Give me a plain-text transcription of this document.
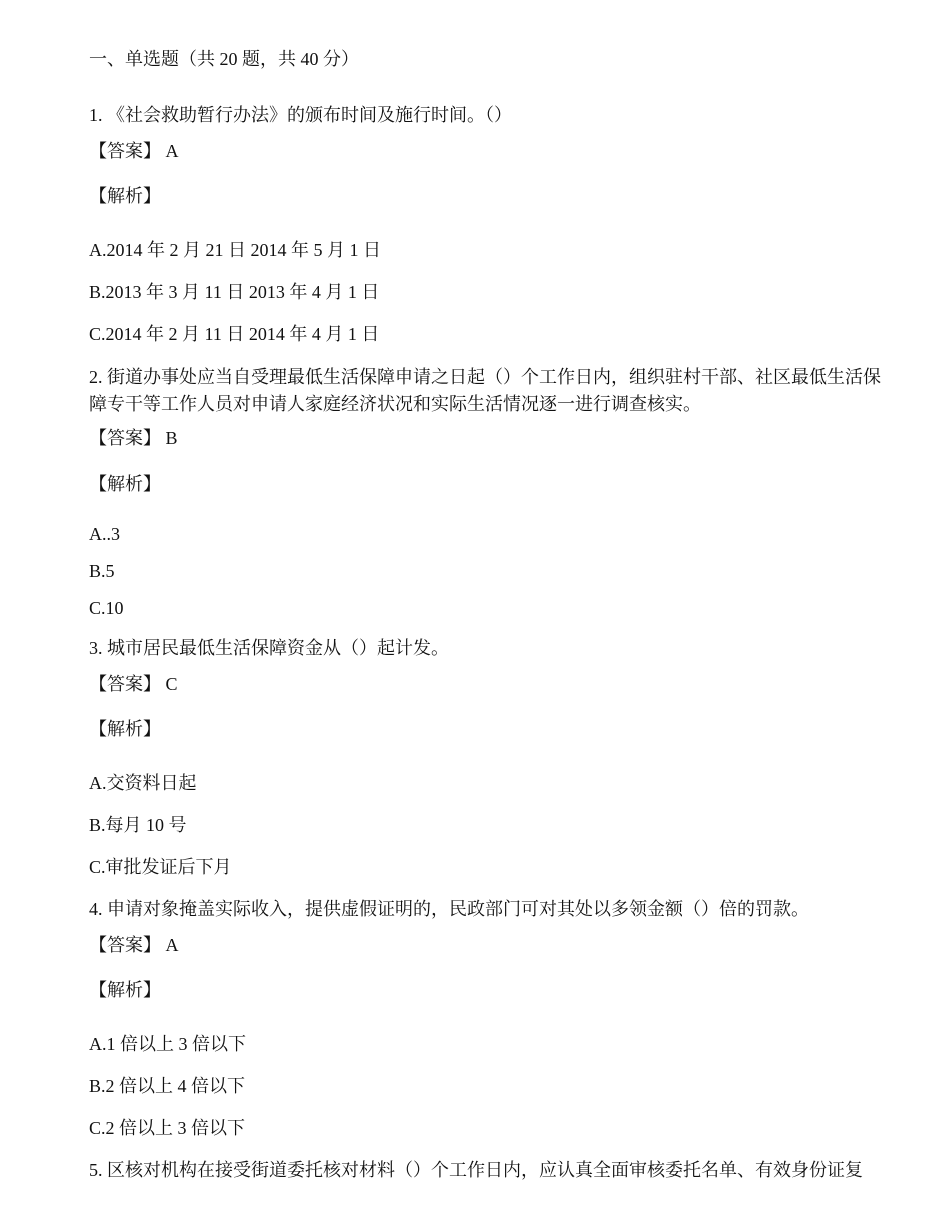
一、单选题（共 20 题，共 40 分）
1. 《社会救助暂行办法》的颁布时间及施行时间。（）
【答案】 A
【解析】
A.2014 年 2 月 21 日 2014 年 5 月 1 日
B.2013 年 3 月 11 日 2013 年 4 月 1 日
C.2014 年 2 月 11 日 2014 年 4 月 1 日
2. 街道办事处应当自受理最低生活保障申请之日起（）个工作日内，组织驻村干部、社区最低生活保障专干等工作人员对申请人家庭经济状况和实际生活情况逐一进行调查核实。
【答案】 B
【解析】
A..3
B.5
C.10
3. 城市居民最低生活保障资金从（）起计发。
【答案】 C
【解析】
A.交资料日起
B.每月 10 号
C.审批发证后下月
4. 申请对象掩盖实际收入，提供虚假证明的，民政部门可对其处以多领金额（）倍的罚款。
【答案】 A
【解析】
A.1 倍以上 3 倍以下
B.2 倍以上 4 倍以下
C.2 倍以上 3 倍以下
5. 区核对机构在接受街道委托核对材料（）个工作日内，应认真全面审核委托名单、有效身份证复
